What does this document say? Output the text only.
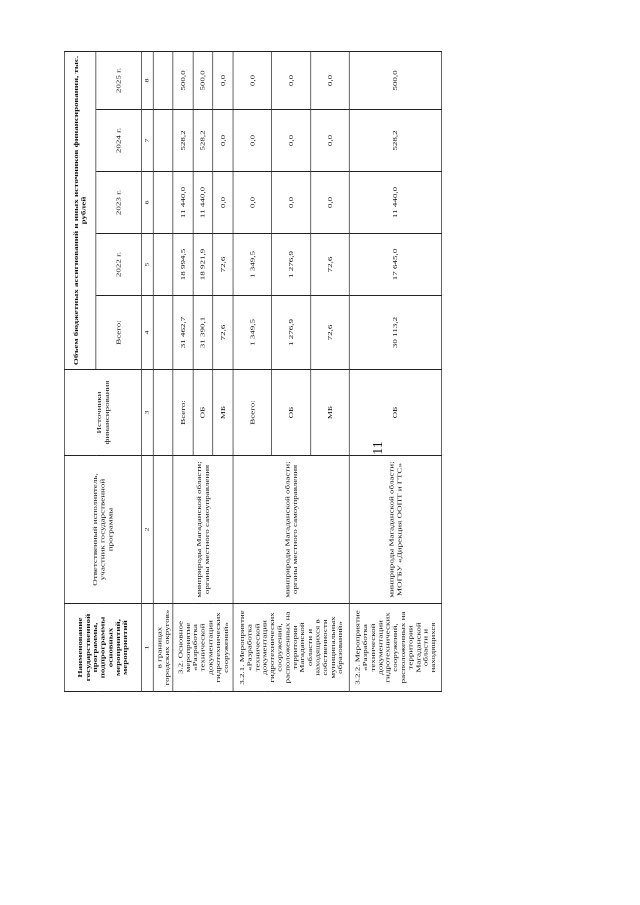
11
Наименование государственной программы, подпрограммы основных мероприятий, мероприятий	Ответственный исполнитель, участник государственной программы	Источники финансирования	Объем бюджетных ассигнований и иных источников финансирования, тыс. рублей				
			Всего:	2022 г.	2023 г.	2024 г.	2025 г.
1	2	3	4	5	6	7	8
в границах городских округов»							
3.2. Основное мероприятие «Разработка технической документации гидротехнических сооружений»	минприроды Магаданской области; органы местного самоуправления	Всего:	31 462,7	18 994,5	11 440,0	528,2	500,0
		ОБ	31 390,1	18 921,9	11 440,0	528,2	500,0
		МБ	72,6	72,6	0,0	0,0	0,0
3.2.1. Мероприятие «Разработка технической документации гидротехнических сооружений, расположенных на территории Магаданской области и находящихся в собственности муниципальных образований»	минприроды Магаданской области; органы местного самоуправления	Всего:	1 349,5	1 349,5	0,0	0,0	0,0
		ОБ	1 276,9	1 276,9	0,0	0,0	0,0
		МБ	72,6	72,6	0,0	0,0	0,0
3.2.2. Мероприятие «Разработка технической документации гидротехнических сооружений, расположенных на территории Магаданской области и находящихся	минприроды Магаданской области; МОГБУ «Дирекция ООПТ и ГТС»	ОБ	30 113,2	17 645,0	11 440,0	528,2	500,0
